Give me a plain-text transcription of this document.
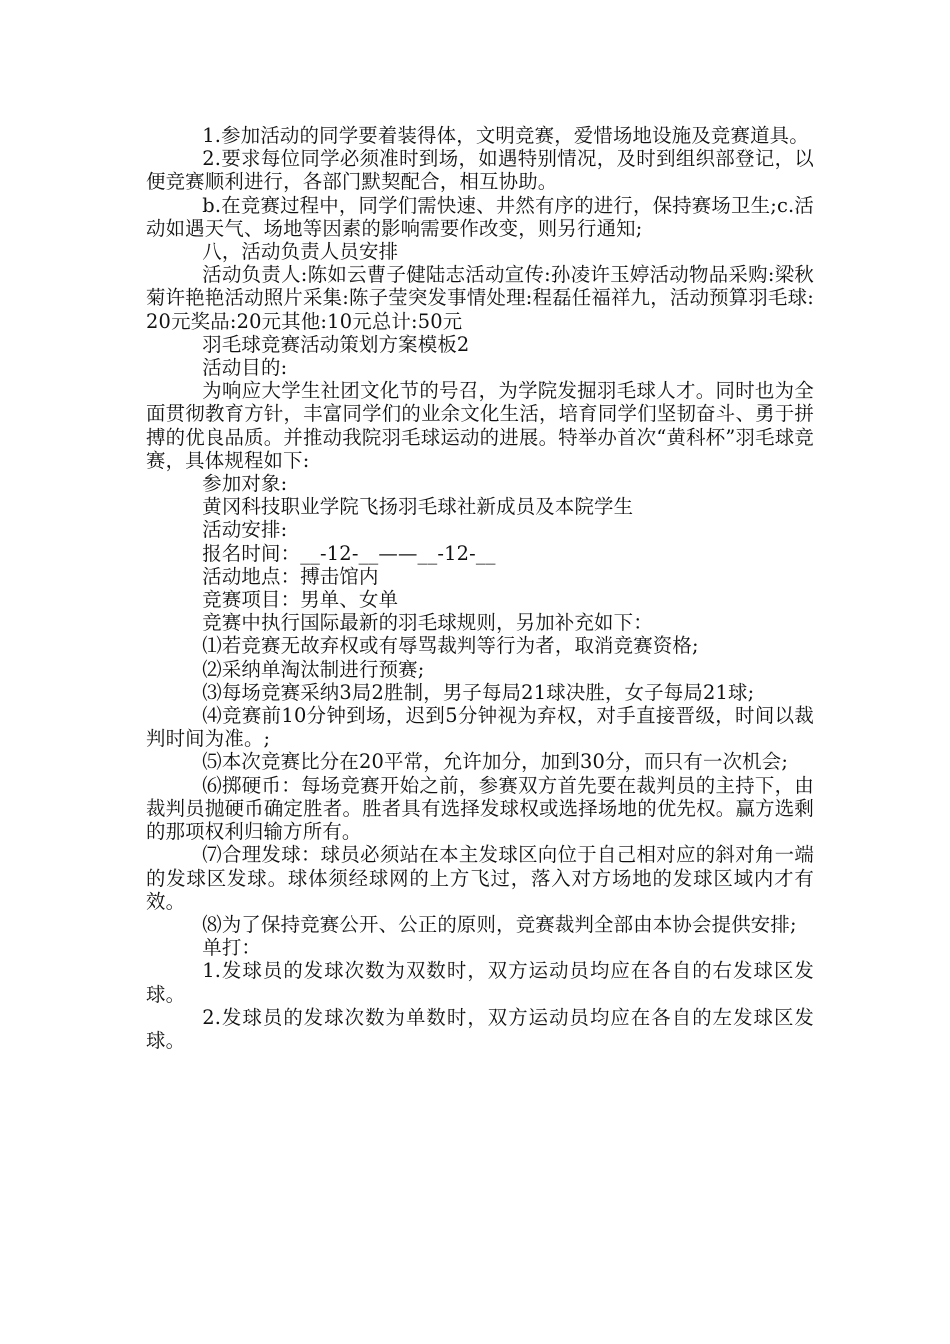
1.参加活动的同学要着装得体，文明竞赛，爱惜场地设施及竞赛道具。

2.要求每位同学必须准时到场，如遇特别情况，及时到组织部登记，以便竞赛顺利进行，各部门默契配合，相互协助。

b.在竞赛过程中，同学们需快速、井然有序的进行，保持赛场卫生;c.活动如遇天气、场地等因素的影响需要作改变，则另行通知;

八，活动负责人员安排

活动负责人:陈如云曹子健陆志活动宣传:孙凌许玉婷活动物品采购:梁秋菊许艳艳活动照片采集:陈子莹突发事情处理:程磊任福祥九，活动预算羽毛球:20元奖品:20元其他:10元总计:50元

羽毛球竞赛活动策划方案模板2

活动目的:

为响应大学生社团文化节的号召，为学院发掘羽毛球人才。同时也为全面贯彻教育方针，丰富同学们的业余文化生活，培育同学们坚韧奋斗、勇于拼搏的优良品质。并推动我院羽毛球运动的进展。特举办首次“黄科杯”羽毛球竞赛，具体规程如下:

参加对象:

黄冈科技职业学院飞扬羽毛球社新成员及本院学生

活动安排:

报名时间：__-12-__——__-12-__

活动地点：搏击馆内

竞赛项目：男单、女单

竞赛中执行国际最新的羽毛球规则，另加补充如下：

⑴若竞赛无故弃权或有辱骂裁判等行为者，取消竞赛资格;

⑵采纳单淘汰制进行预赛;

⑶每场竞赛采纳3局2胜制，男子每局21球决胜，女子每局21球;

⑷竞赛前10分钟到场，迟到5分钟视为弃权，对手直接晋级，时间以裁判时间为准。;

⑸本次竞赛比分在20平常，允许加分，加到30分，而只有一次机会;

⑹掷硬币：每场竞赛开始之前，参赛双方首先要在裁判员的主持下，由裁判员抛硬币确定胜者。胜者具有选择发球权或选择场地的优先权。赢方选剩的那项权利归输方所有。

⑺合理发球：球员必须站在本主发球区向位于自己相对应的斜对角一端的发球区发球。球体须经球网的上方飞过，落入对方场地的发球区域内才有效。

⑻为了保持竞赛公开、公正的原则，竞赛裁判全部由本协会提供安排;

单打：

1.发球员的发球次数为双数时，双方运动员均应在各自的右发球区发球。

2.发球员的发球次数为单数时，双方运动员均应在各自的左发球区发球。
